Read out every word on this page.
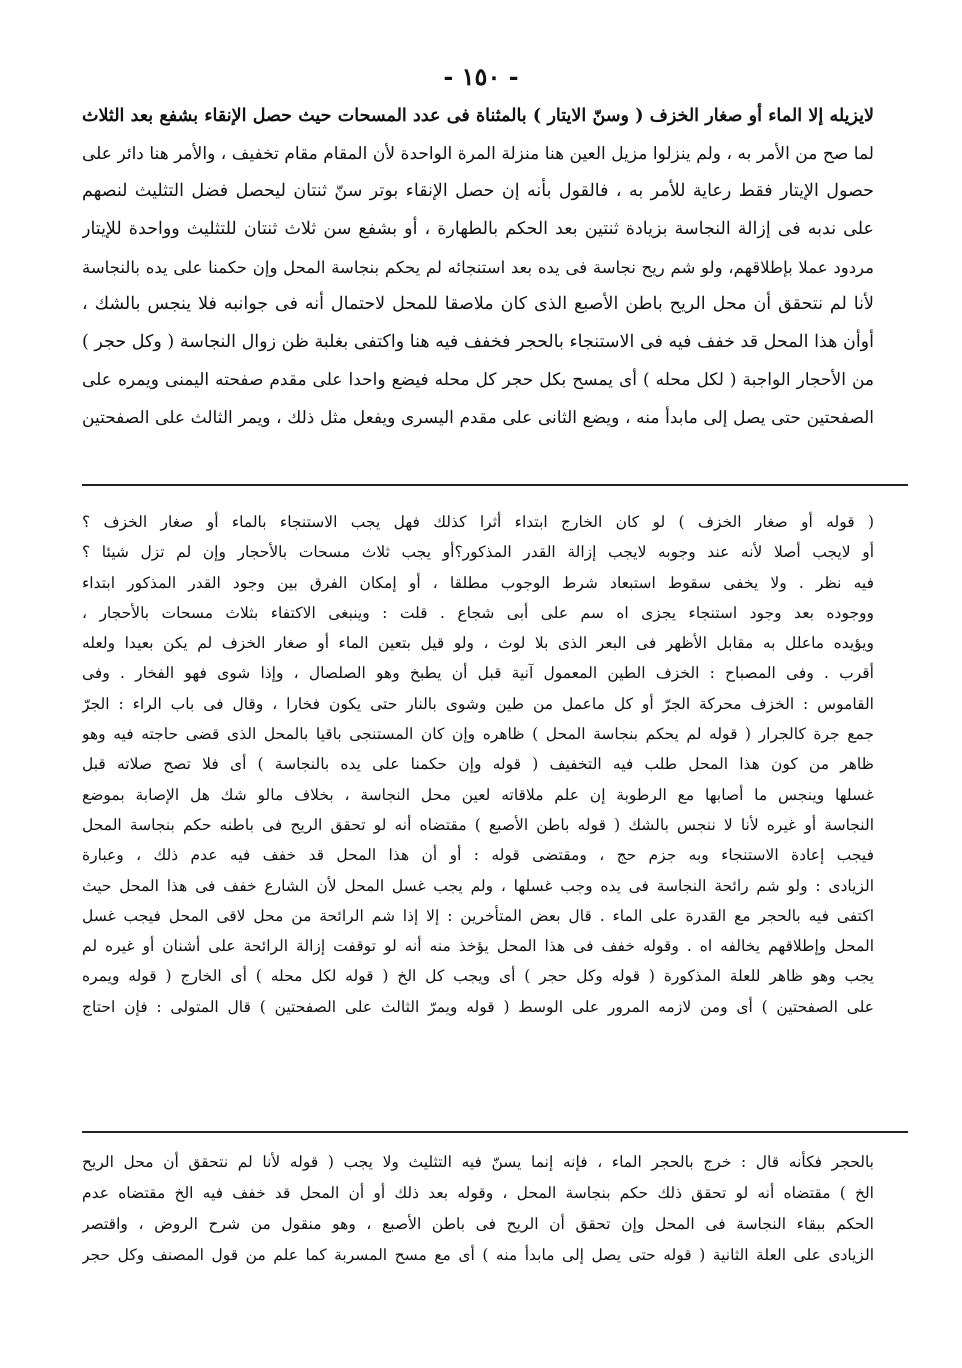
- ١٥٠ -
لايزيله إلا الماء أو صغار الخزف ( وسنّ الايتار ) بالمثناة فى عدد المسحات حيث حصل الإنقاء بشفع بعد الثلاث
لما صح من الأمر به ، ولم ينزلوا مزيل العين هنا منزلة المرة الواحدة لأن المقام مقام تخفيف ، والأمر هنا دائر على
حصول الإيتار فقط رعاية للأمر به ، فالقول بأنه إن حصل الإنقاء بوتر سنّ ثنتان ليحصل فضل التثليث لنصهم
على ندبه فى إزالة النجاسة بزيادة ثنتين بعد الحكم بالطهارة ، أو بشفع سن ثلاث ثنتان للتثليث وواحدة للإيتار
مردود عملا بإطلاقهم، ولو شم ريح نجاسة فى يده بعد استنجائه لم يحكم بنجاسة المحل وإن حكمنا على يده بالنجاسة
لأنا لم نتحقق أن محل الريح باطن الأصبع الذى كان ملاصقا للمحل لاحتمال أنه فى جوانبه فلا ينجس بالشك ،
أوأن هذا المحل قد خفف فيه فى الاستنجاء بالحجر فخفف فيه هنا واكتفى بغلبة ظن زوال النجاسة ( وكل حجر )
من الأحجار الواجبة ( لكل محله ) أى يمسح بكل حجر كل محله فيضع واحدا على مقدم صفحته اليمنى ويمره على
الصفحتين حتى يصل إلى مابدأ منه ، ويضع الثانى على مقدم اليسرى ويفعل مثل ذلك ، ويمر الثالث على الصفحتين
( قوله أو صغار الخزف ) لو كان الخارج ابتداء أثرا كذلك فهل يجب الاستنجاء بالماء أو صغار الخزف ؟
أو لايجب أصلا لأنه عند وجوبه لايجب إزالة القدر المذكور؟أو يجب ثلاث مسحات بالأحجار وإن لم تزل شيئا ؟
فيه نظر . ولا يخفى سقوط استبعاد شرط الوجوب مطلقا ، أو إمكان الفرق بين وجود القدر المذكور ابتداء
ووجوده بعد وجود استنجاء يجزى اه سم على أبى شجاع . قلت : وينبغى الاكتفاء بثلاث مسحات بالأحجار ،
ويؤيده ماعلل به مقابل الأظهر فى البعر الذى بلا لوث ، ولو قيل بتعين الماء أو صغار الخزف لم يكن بعيدا ولعله
أقرب . وفى المصباح : الخزف الطين المعمول آنية قبل أن يطبخ وهو الصلصال ، وإذا شوى فهو الفخار . وفى
القاموس : الخزف محركة الجرّ أو كل ماعمل من طين وشوى بالنار حتى يكون فخارا ، وقال فى باب الراء : الجرّ
جمع جرة كالجرار ( قوله لم يحكم بنجاسة المحل ) ظاهره وإن كان المستنجى باقيا بالمحل الذى قضى حاجته فيه وهو
ظاهر من كون هذا المحل طلب فيه التخفيف ( قوله وإن حكمنا على يده بالنجاسة ) أى فلا تصح صلاته قبل
غسلها وينجس ما أصابها مع الرطوبة إن علم ملاقاته لعين محل النجاسة ، بخلاف مالو شك هل الإصابة بموضع
النجاسة أو غيره لأنا لا ننجس بالشك ( قوله باطن الأصبع ) مقتضاه أنه لو تحقق الريح فى باطنه حكم بنجاسة المحل
فيجب إعادة الاستنجاء وبه جزم حج ، ومقتضى قوله : أو أن هذا المحل قد خفف فيه عدم ذلك ، وعبارة
الزيادى : ولو شم رائحة النجاسة فى يده وجب غسلها ، ولم يجب غسل المحل لأن الشارع خفف فى هذا المحل حيث
اكتفى فيه بالحجر مع القدرة على الماء . قال بعض المتأخرين : إلا إذا شم الرائحة من محل لاقى المحل فيجب غسل
المحل وإطلاقهم يخالفه اه . وقوله خفف فى هذا المحل يؤخذ منه أنه لو توقفت إزالة الرائحة على أشنان أو غيره لم
يجب وهو ظاهر للعلة المذكورة ( قوله وكل حجر ) أى ويجب كل الخ ( قوله لكل محله ) أى الخارج ( قوله ويمره
على الصفحتين ) أى ومن لازمه المرور على الوسط ( قوله ويمرّ الثالث على الصفحتين ) قال المتولى : فإن احتاج
بالحجر فكأنه قال : خرج بالحجر الماء ، فإنه إنما يسنّ فيه التثليث ولا يجب ( قوله لأنا لم نتحقق أن محل الريح
الخ ) مقتضاه أنه لو تحقق ذلك حكم بنجاسة المحل ، وقوله بعد ذلك أو أن المحل قد خفف فيه الخ مقتضاه عدم
الحكم ببقاء النجاسة فى المحل وإن تحقق أن الريح فى باطن الأصبع ، وهو منقول من شرح الروض ، واقتصر
الزيادى على العلة الثانية ( قوله حتى يصل إلى مابدأ منه ) أى مع مسح المسربة كما علم من قول المصنف وكل حجر
